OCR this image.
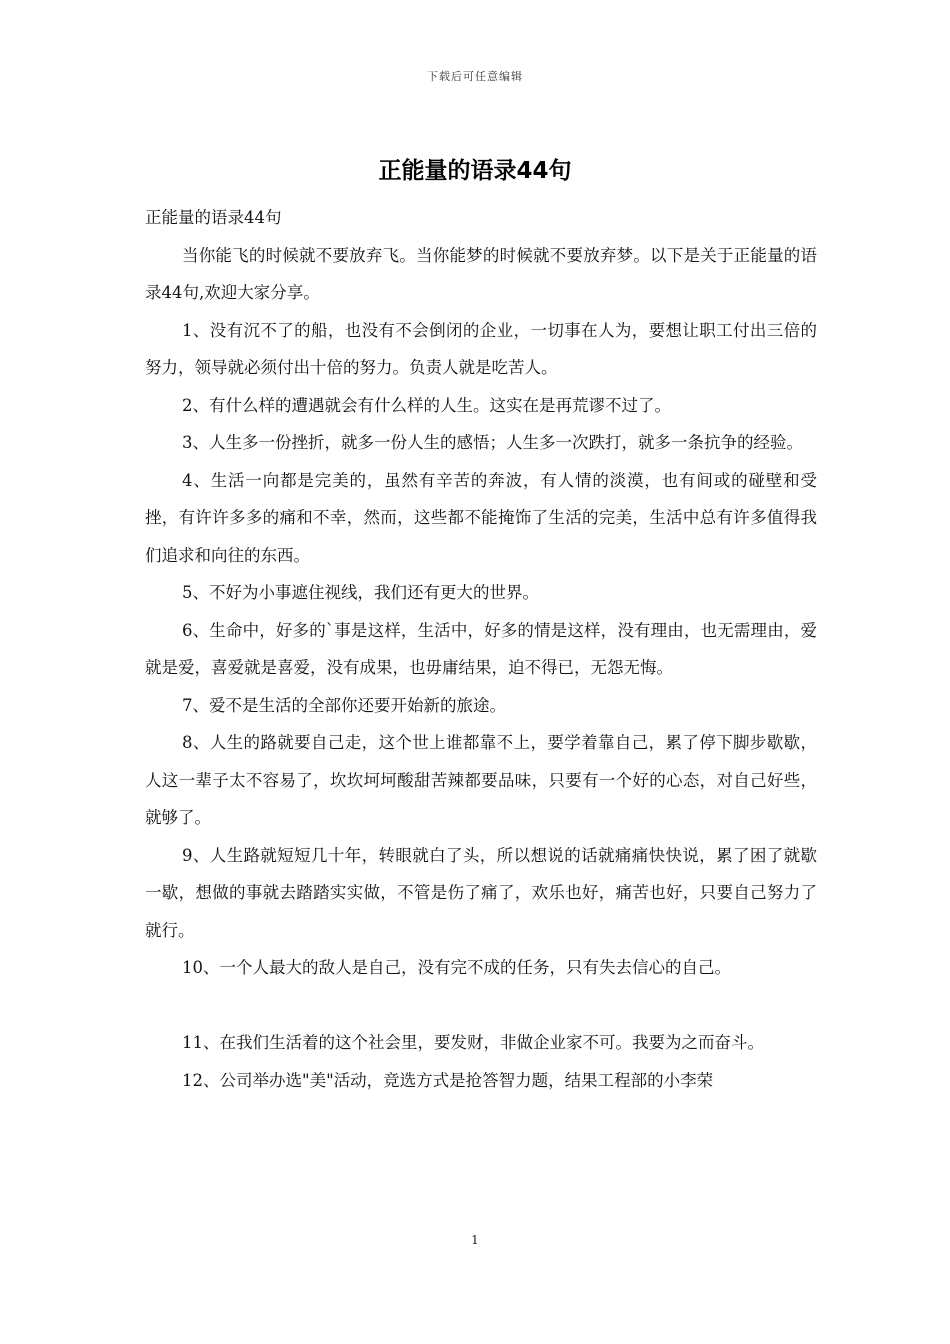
下载后可任意编辑
正能量的语录44句

正能量的语录44句

当你能飞的时候就不要放弃飞。当你能梦的时候就不要放弃梦。以下是关于正能量的语录44句,欢迎大家分享。

1、没有沉不了的船，也没有不会倒闭的企业，一切事在人为，要想让职工付出三倍的努力，领导就必须付出十倍的努力。负责人就是吃苦人。

2、有什么样的遭遇就会有什么样的人生。这实在是再荒谬不过了。

3、人生多一份挫折，就多一份人生的感悟；人生多一次跌打，就多一条抗争的经验。

4、生活一向都是完美的，虽然有辛苦的奔波，有人情的淡漠，也有间或的碰壁和受挫，有许许多多的痛和不幸，然而，这些都不能掩饰了生活的完美，生活中总有许多值得我们追求和向往的东西。

5、不好为小事遮住视线，我们还有更大的世界。

6、生命中，好多的`事是这样，生活中，好多的情是这样，没有理由，也无需理由，爱就是爱，喜爱就是喜爱，没有成果，也毋庸结果，迫不得已，无怨无悔。

7、爱不是生活的全部你还要开始新的旅途。

8、人生的路就要自己走，这个世上谁都靠不上，要学着靠自己，累了停下脚步歇歇，人这一辈子太不容易了，坎坎坷坷酸甜苦辣都要品味，只要有一个好的心态，对自己好些，就够了。

9、人生路就短短几十年，转眼就白了头，所以想说的话就痛痛快快说，累了困了就歇一歇，想做的事就去踏踏实实做，不管是伤了痛了，欢乐也好，痛苦也好，只要自己努力了就行。

10、一个人最大的敌人是自己，没有完不成的任务，只有失去信心的自己。

11、在我们生活着的这个社会里，要发财，非做企业家不可。我要为之而奋斗。

12、公司举办选"美"活动，竞选方式是抢答智力题，结果工程部的小李荣

1
